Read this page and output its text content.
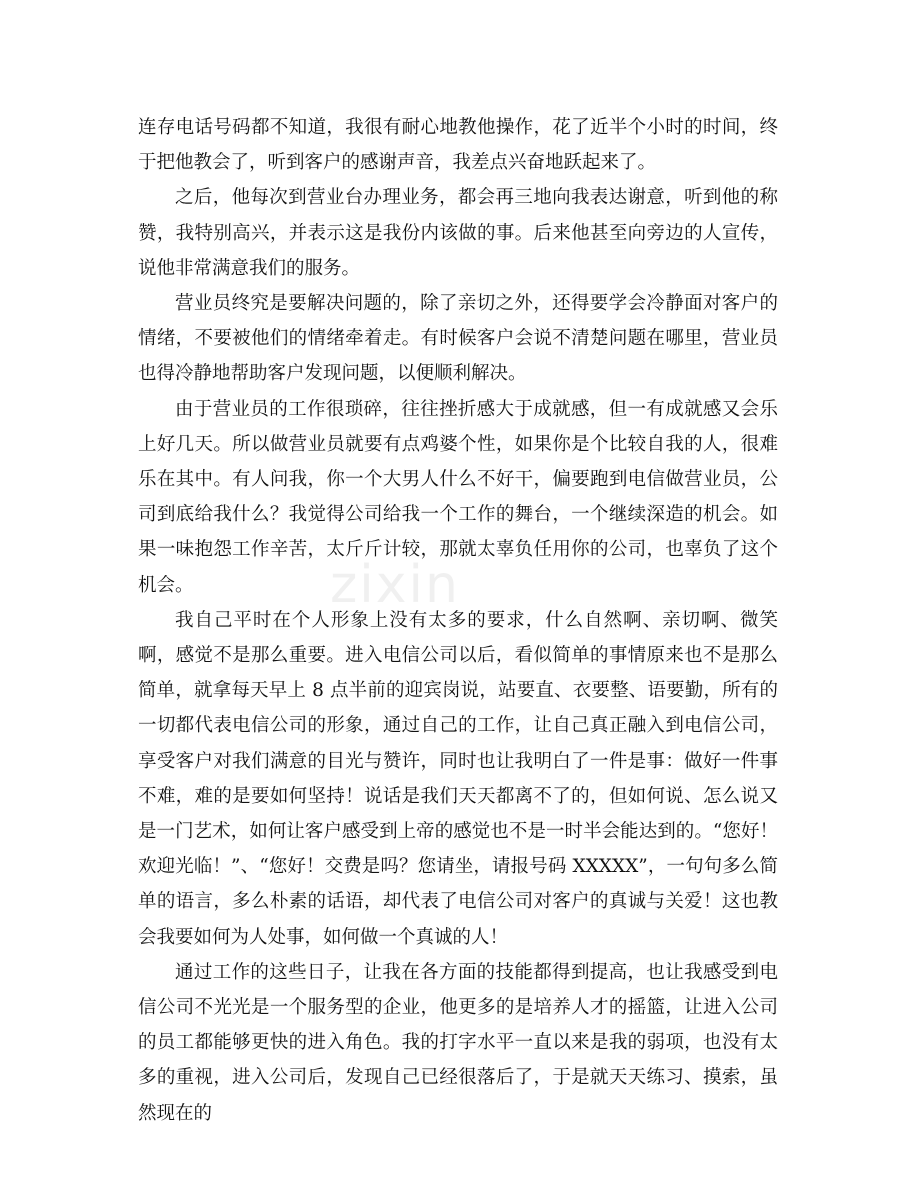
连存电话号码都不知道，我很有耐心地教他操作，花了近半个小时的时间，终于把他教会了，听到客户的感谢声音，我差点兴奋地跃起来了。

之后，他每次到营业台办理业务，都会再三地向我表达谢意，听到他的称赞，我特别高兴，并表示这是我份内该做的事。后来他甚至向旁边的人宣传，说他非常满意我们的服务。

营业员终究是要解决问题的，除了亲切之外，还得要学会冷静面对客户的情绪，不要被他们的情绪牵着走。有时候客户会说不清楚问题在哪里，营业员也得冷静地帮助客户发现问题，以便顺利解决。

由于营业员的工作很琐碎，往往挫折感大于成就感，但一有成就感又会乐上好几天。所以做营业员就要有点鸡婆个性，如果你是个比较自我的人，很难乐在其中。有人问我，你一个大男人什么不好干，偏要跑到电信做营业员，公司到底给我什么？我觉得公司给我一个工作的舞台，一个继续深造的机会。如果一味抱怨工作辛苦，太斤斤计较，那就太辜负任用你的公司，也辜负了这个机会。

我自己平时在个人形象上没有太多的要求，什么自然啊、亲切啊、微笑啊，感觉不是那么重要。进入电信公司以后，看似简单的事情原来也不是那么简单，就拿每天早上 8 点半前的迎宾岗说，站要直、衣要整、语要勤，所有的一切都代表电信公司的形象，通过自己的工作，让自己真正融入到电信公司，享受客户对我们满意的目光与赞许，同时也让我明白了一件是事：做好一件事不难，难的是要如何坚持！说话是我们天天都离不了的，但如何说、怎么说又是一门艺术，如何让客户感受到上帝的感觉也不是一时半会能达到的。“您好！欢迎光临！”、“您好！交费是吗？您请坐，请报号码 XXXXX”，一句句多么简单的语言，多么朴素的话语，却代表了电信公司对客户的真诚与关爱！这也教会我要如何为人处事，如何做一个真诚的人！

通过工作的这些日子，让我在各方面的技能都得到提高，也让我感受到电信公司不光光是一个服务型的企业，他更多的是培养人才的摇篮，让进入公司的员工都能够更快的进入角色。我的打字水平一直以来是我的弱项，也没有太多的重视，进入公司后，发现自己已经很落后了，于是就天天练习、摸索，虽然现在的

zixin
